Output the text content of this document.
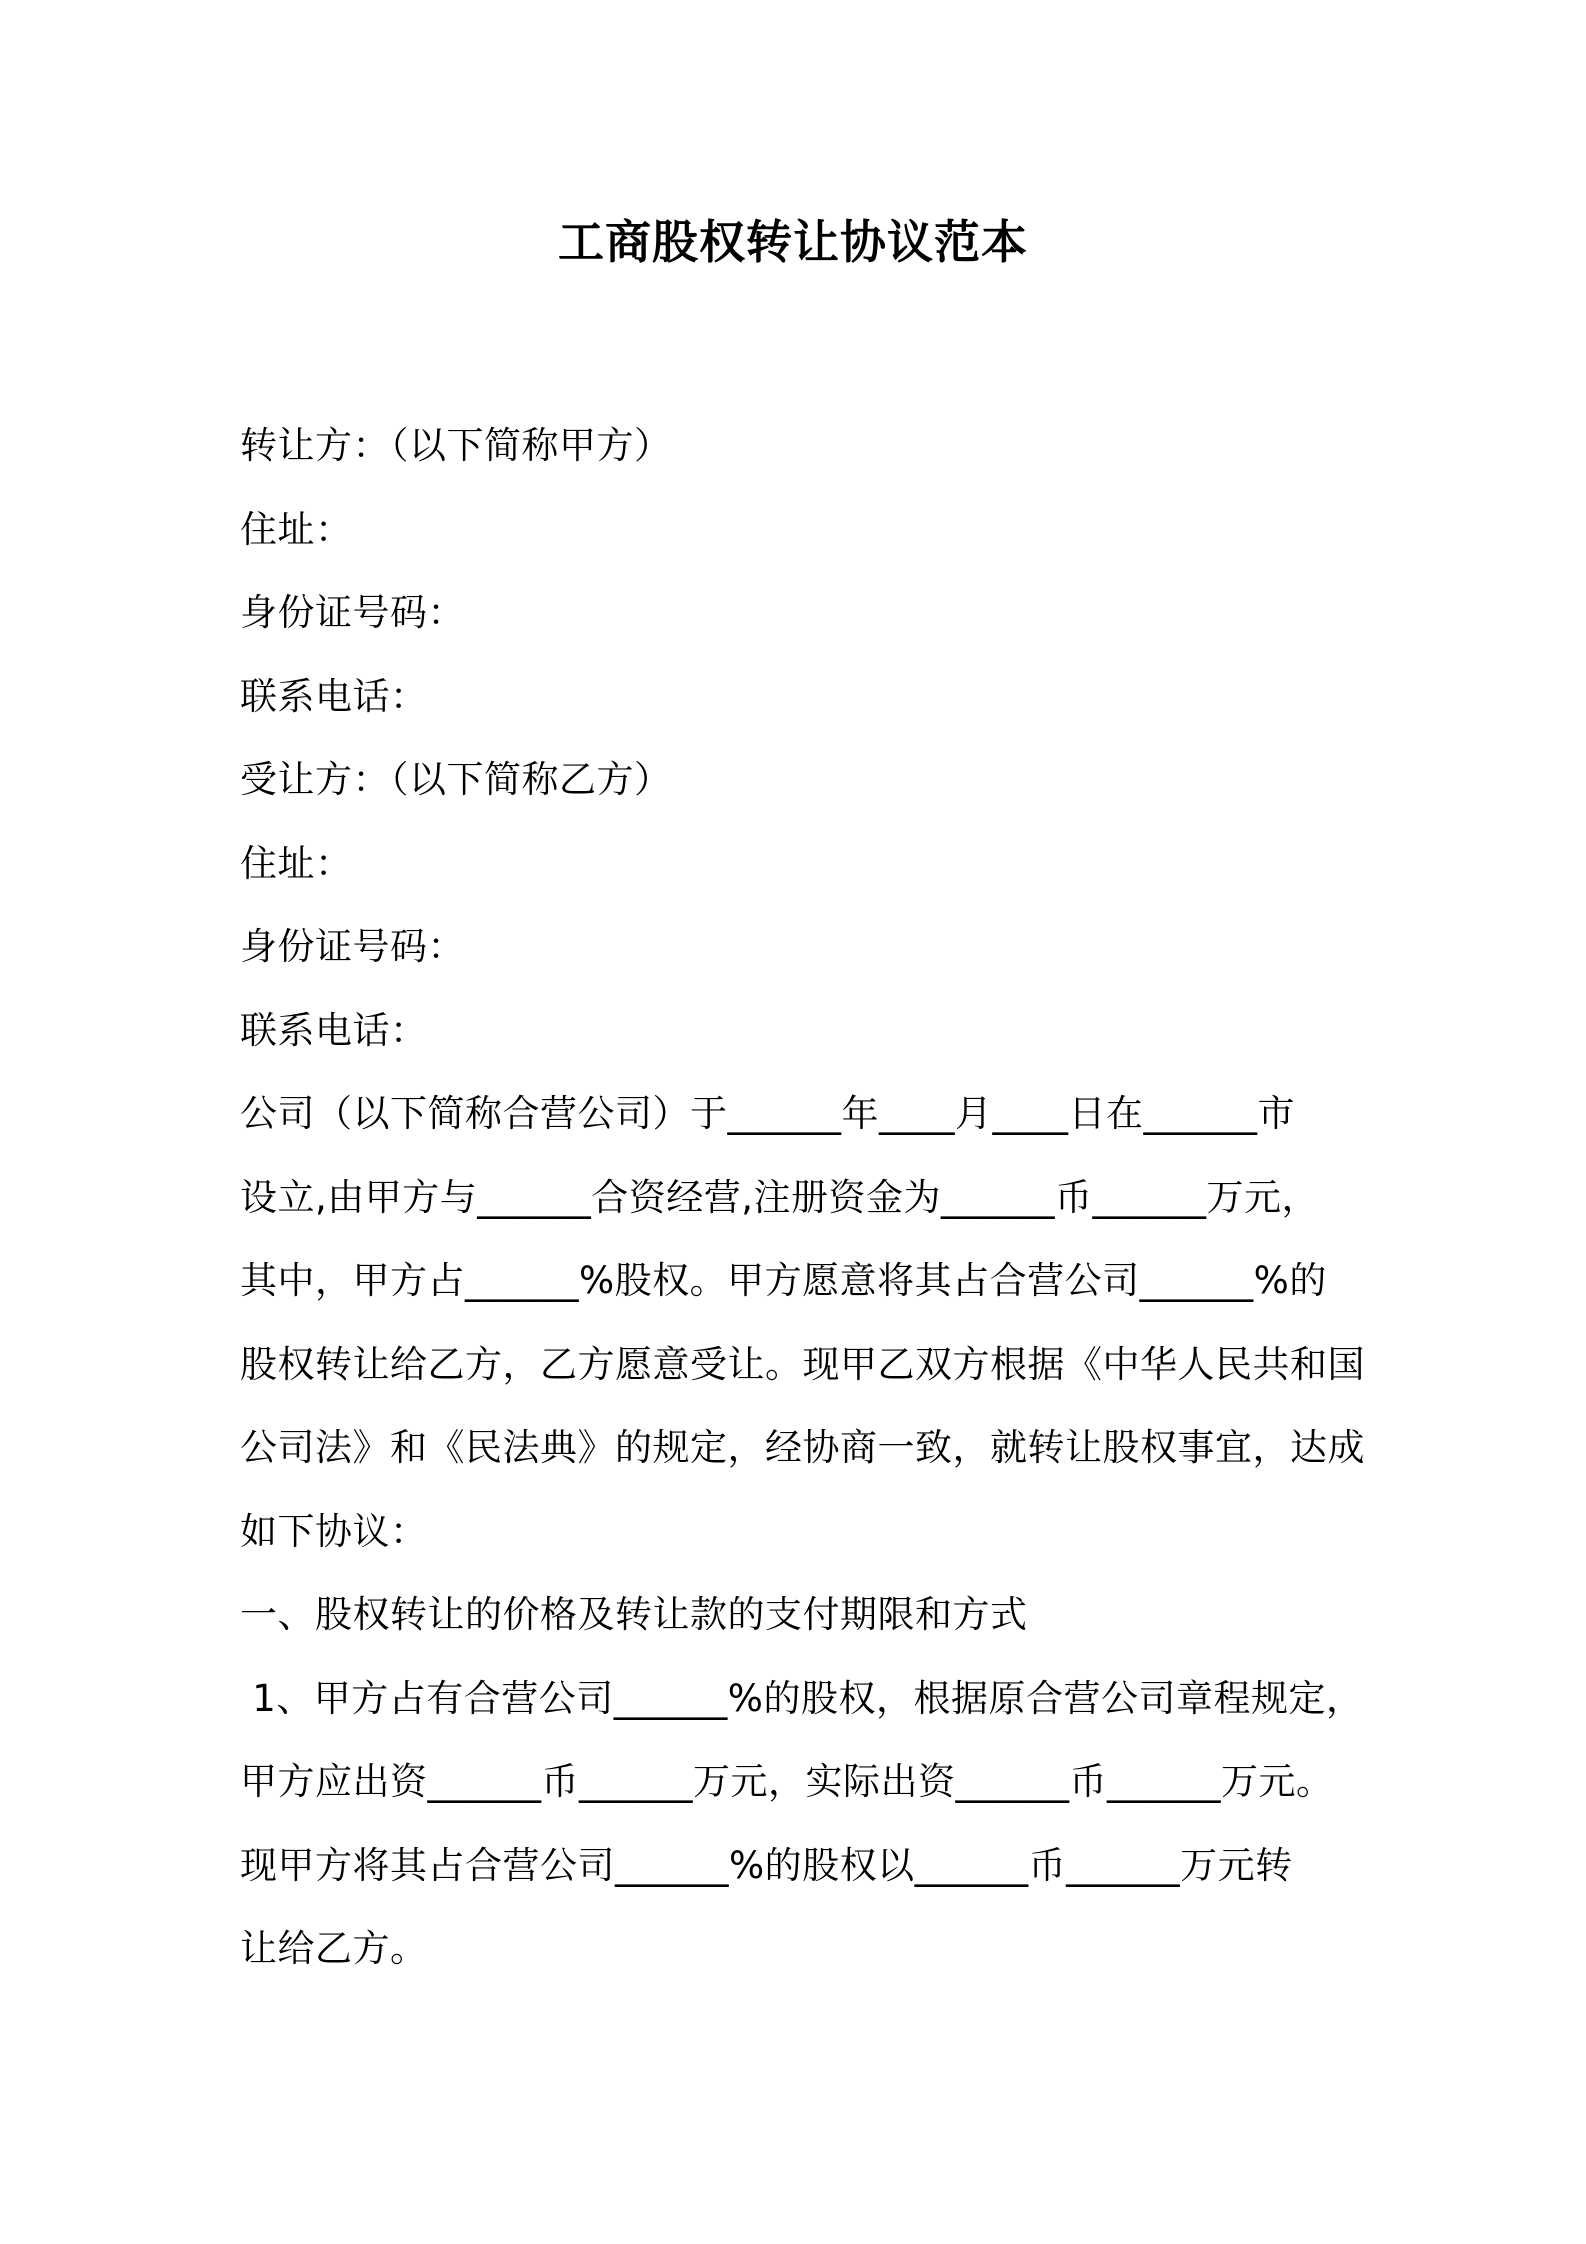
工商股权转让协议范本
转让方：（以下简称甲方）
住址：
身份证号码：
联系电话：
受让方：（以下简称乙方）
住址：
身份证号码：
联系电话：
公司（以下简称合营公司）于______年____月____日在______市
设立,由甲方与______合资经营,注册资金为______币______万元，
其中，甲方占______%股权。甲方愿意将其占合营公司______%的
股权转让给乙方，乙方愿意受让。现甲乙双方根据《中华人民共和国
公司法》和《民法典》的规定，经协商一致，就转让股权事宜，达成
如下协议：
一、股权转让的价格及转让款的支付期限和方式
1、甲方占有合营公司______%的股权，根据原合营公司章程规定，
甲方应出资______币______万元，实际出资______币______万元。
现甲方将其占合营公司______%的股权以______币______万元转
让给乙方。
